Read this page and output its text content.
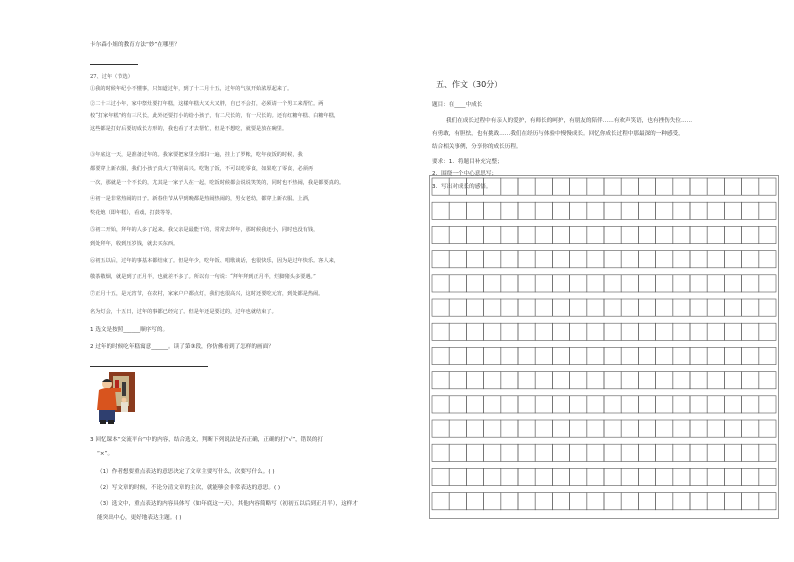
卡尔森小姐的教育方法“妙”在哪里？
27、过年（节选）
①我的时候年纪小不懂事，只知道过年，到了十二月十五，过年的气氛开始浓厚起来了。
②二十三过小年，家中祭灶要打年糕，这樣年糕大又大又胖，自已不会打，必须请一个男工来帮忙。两
校“打家年糕”约有三尺长，此外还要打小的给小孩子，有二尺长的，有一尺长的。还有红糖年糕、白糖年糕，
这些都是打好后要切成长方形的，我也看了才去帮忙，但是不想吃，就要是放在碗里。
③年底这一天，是准备过年的。我家要把家里全部扫一遍，挂上了罗帐，吃年夜饭的时候，我
都要穿上新衣服，我们小孩子真大了特别高兴。吃饱了饭，不可以吃零食，如果吃了零食，必须再
一次，那就是一个不长的，尤其是一家子人在一起，吃饭时候都会说说笑笑的，同时也不热闹，我是都要真的。
④初一是非常热闹的日子。新春佳节从早到晚都是热闹热闹的，男女老幼，都穿上新衣服。上酒，
奖花炮（即年糕），看戏，打鼓等等。
⑤初二开始，拜年的人多了起来。我父亲是最能干的，常常去拜年，那时候我还小，同时也没有钱，
到处拜年，收到压岁钱，就去买东西。
⑥初五以后，过年的事基本都结束了。但是年少，吃年饭、唱歌谈话，也很快乐，因为是过年快乐。客人来，
敬茶敬烟，就是到了正月半，也就差不多了。所以有一句说：“拜年拜到正月半，烂脚猪头多要遇。”
⑦正月十五，是元宵节，在农村，家家户户都点灯，我们也很高兴，这时还要吃元宵，到处都是热闹。
名为灯会，十五日，过年的事都已经完了。但是年还是要过的，过年也就结束了。
1 选文是按照______顺序写的。
2 过年的时候吃年糕寓意______。读了第③段，你仿佛看到了怎样的画面？
3 回忆课本“交流平台”中的内容，结合选文，判断下列说法是否正确，正确的打“√”，错误的打
“×”。
（1）作者想要重点表达的意思决定了文章主要写什么，次要写什么。( )
（2）写文章的时候，不论分清文章的主次，就能够会非常表达的意思。( )
（3）选文中，重点表达的内容具体写（如年底这一天），其他内容简略写（初初五以后到正月半），这样才
能突出中心，更好地表达主题。( )
五、作文（30分）
题目：在____中成长
我们在成长过程中有亲人的爱护，有师长的呵护，有朋友的陪伴……有欢声笑语，也有挫伤失位……
有勇敢，有胆怯，也有挑战……我们在经历与体验中慢慢成长。回忆你成长过程中那最深的一种感受，
结合相关事例，分享你的成长历程。
要求：1．将题目补充完整；
2．围绕一个中心意思写；
3．写出对成长的感悟。
